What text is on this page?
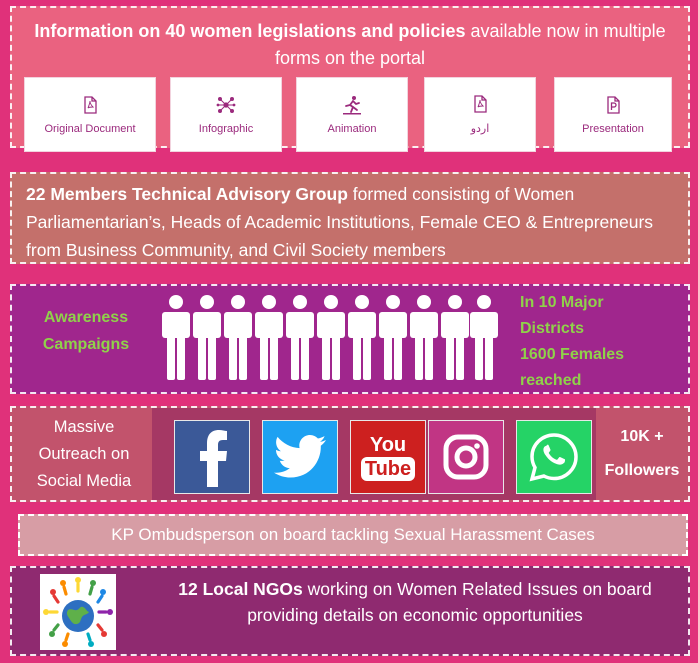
Information on 40 women legislations and policies available now in multiple forms on the portal
Original Document	Infographic	Animation	اردو	Presentation
22 Members Technical Advisory Group formed consisting of Women Parliamentarian’s, Heads of Academic Institutions, Female CEO & Entrepreneurs from Business Community, and Civil Society members
Awareness
Campaigns
In 10 Major
Districts
1600 Females
reached
Massive
Outreach on
Social Media
You
Tube
10K +
Followers
KP Ombudsperson on board tackling Sexual Harassment Cases
12 Local NGOs working on Women Related Issues on board providing details on economic opportunities
